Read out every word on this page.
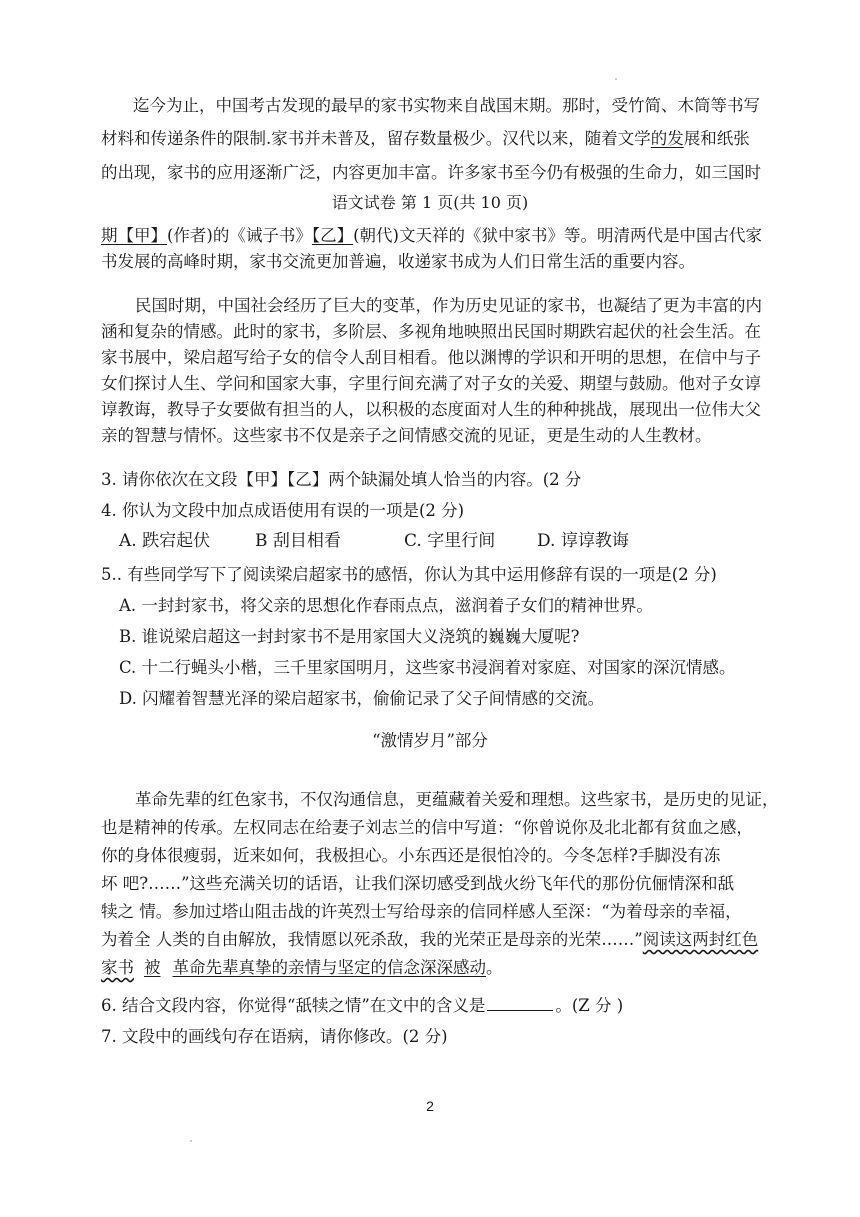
迄今为止，中国考古发现的最早的家书实物来自战国末期。那时，受竹简、木筒等书写
材料和传递条件的限制.家书并未普及，留存数量极少。汉代以来，随着文学的发展和纸张
的出现，家书的应用逐渐广泛，内容更加丰富。许多家书至今仍有极强的生命力，如三国时
语文试卷 第 1 页(共 10 页)
期【甲】(作者)的《诫子书》【乙】(朝代)文天祥的《狱中家书》等。明清两代是中国古代家
书发展的高峰时期，家书交流更加普遍，收递家书成为人们日常生活的重要内容。
民国时期，中国社会经历了巨大的变革，作为历史见证的家书，也凝结了更为丰富的内
涵和复杂的情感。此时的家书，多阶层、多视角地映照出民国时期跌宕起伏的社会生活。在
家书展中，梁启超写给子女的信令人刮目相看。他以渊博的学识和开明的思想，在信中与子
女们探讨人生、学问和国家大事，字里行间充满了对子女的关爱、期望与鼓励。他对子女谆
谆教诲，教导子女要做有担当的人，以积极的态度面对人生的种种挑战，展现出一位伟大父
亲的智慧与情怀。这些家书不仅是亲子之间情感交流的见证，更是生动的人生教材。
3. 请你依次在文段【甲】【乙】两个缺漏处填人恰当的内容。(2 分
4. 你认为文段中加点成语使用有误的一项是(2 分)
A. 跌宕起伏	B 刮目相看	C. 字里行间 D. 谆谆教诲
5.. 有些同学写下了阅读梁启超家书的感悟，你认为其中运用修辞有误的一项是(2 分)
A. 一封封家书，将父亲的思想化作春雨点点，滋润着子女们的精神世界。
B. 谁说梁启超这一封封家书不是用家国大义浇筑的巍巍大厦呢?
C. 十二行蝇头小楷，三千里家国明月，这些家书浸润着对家庭、对国家的深沉情感。
D. 闪耀着智慧光泽的梁启超家书，偷偷记录了父子间情感的交流。
“激情岁月”部分
革命先辈的红色家书，不仅沟通信息，更蕴藏着关爱和理想。这些家书，是历史的见证，
也是精神的传承。左权同志在给妻子刘志兰的信中写道：“你曾说你及北北都有贫血之感，
你的身体很瘦弱，近来如何，我极担心。小东西还是很怕冷的。今冬怎样?手脚没有冻
坏 吧?……”这些充满关切的话语，让我们深切感受到战火纷飞年代的那份伉俪情深和舐
犊之 情。参加过塔山阻击战的许英烈士写给母亲的信同样感人至深：“为着母亲的幸福，
为着全 人类的自由解放，我情愿以死杀敌，我的光荣正是母亲的光荣……”阅读这两封红色
家书 被 革命先辈真挚的亲情与坚定的信念深深感动。
6. 结合文段内容，你觉得“舐犊之情”在文中的含义是	。(Z 分 )
7. 文段中的画线句存在语病，请你修改。(2 分)
2
